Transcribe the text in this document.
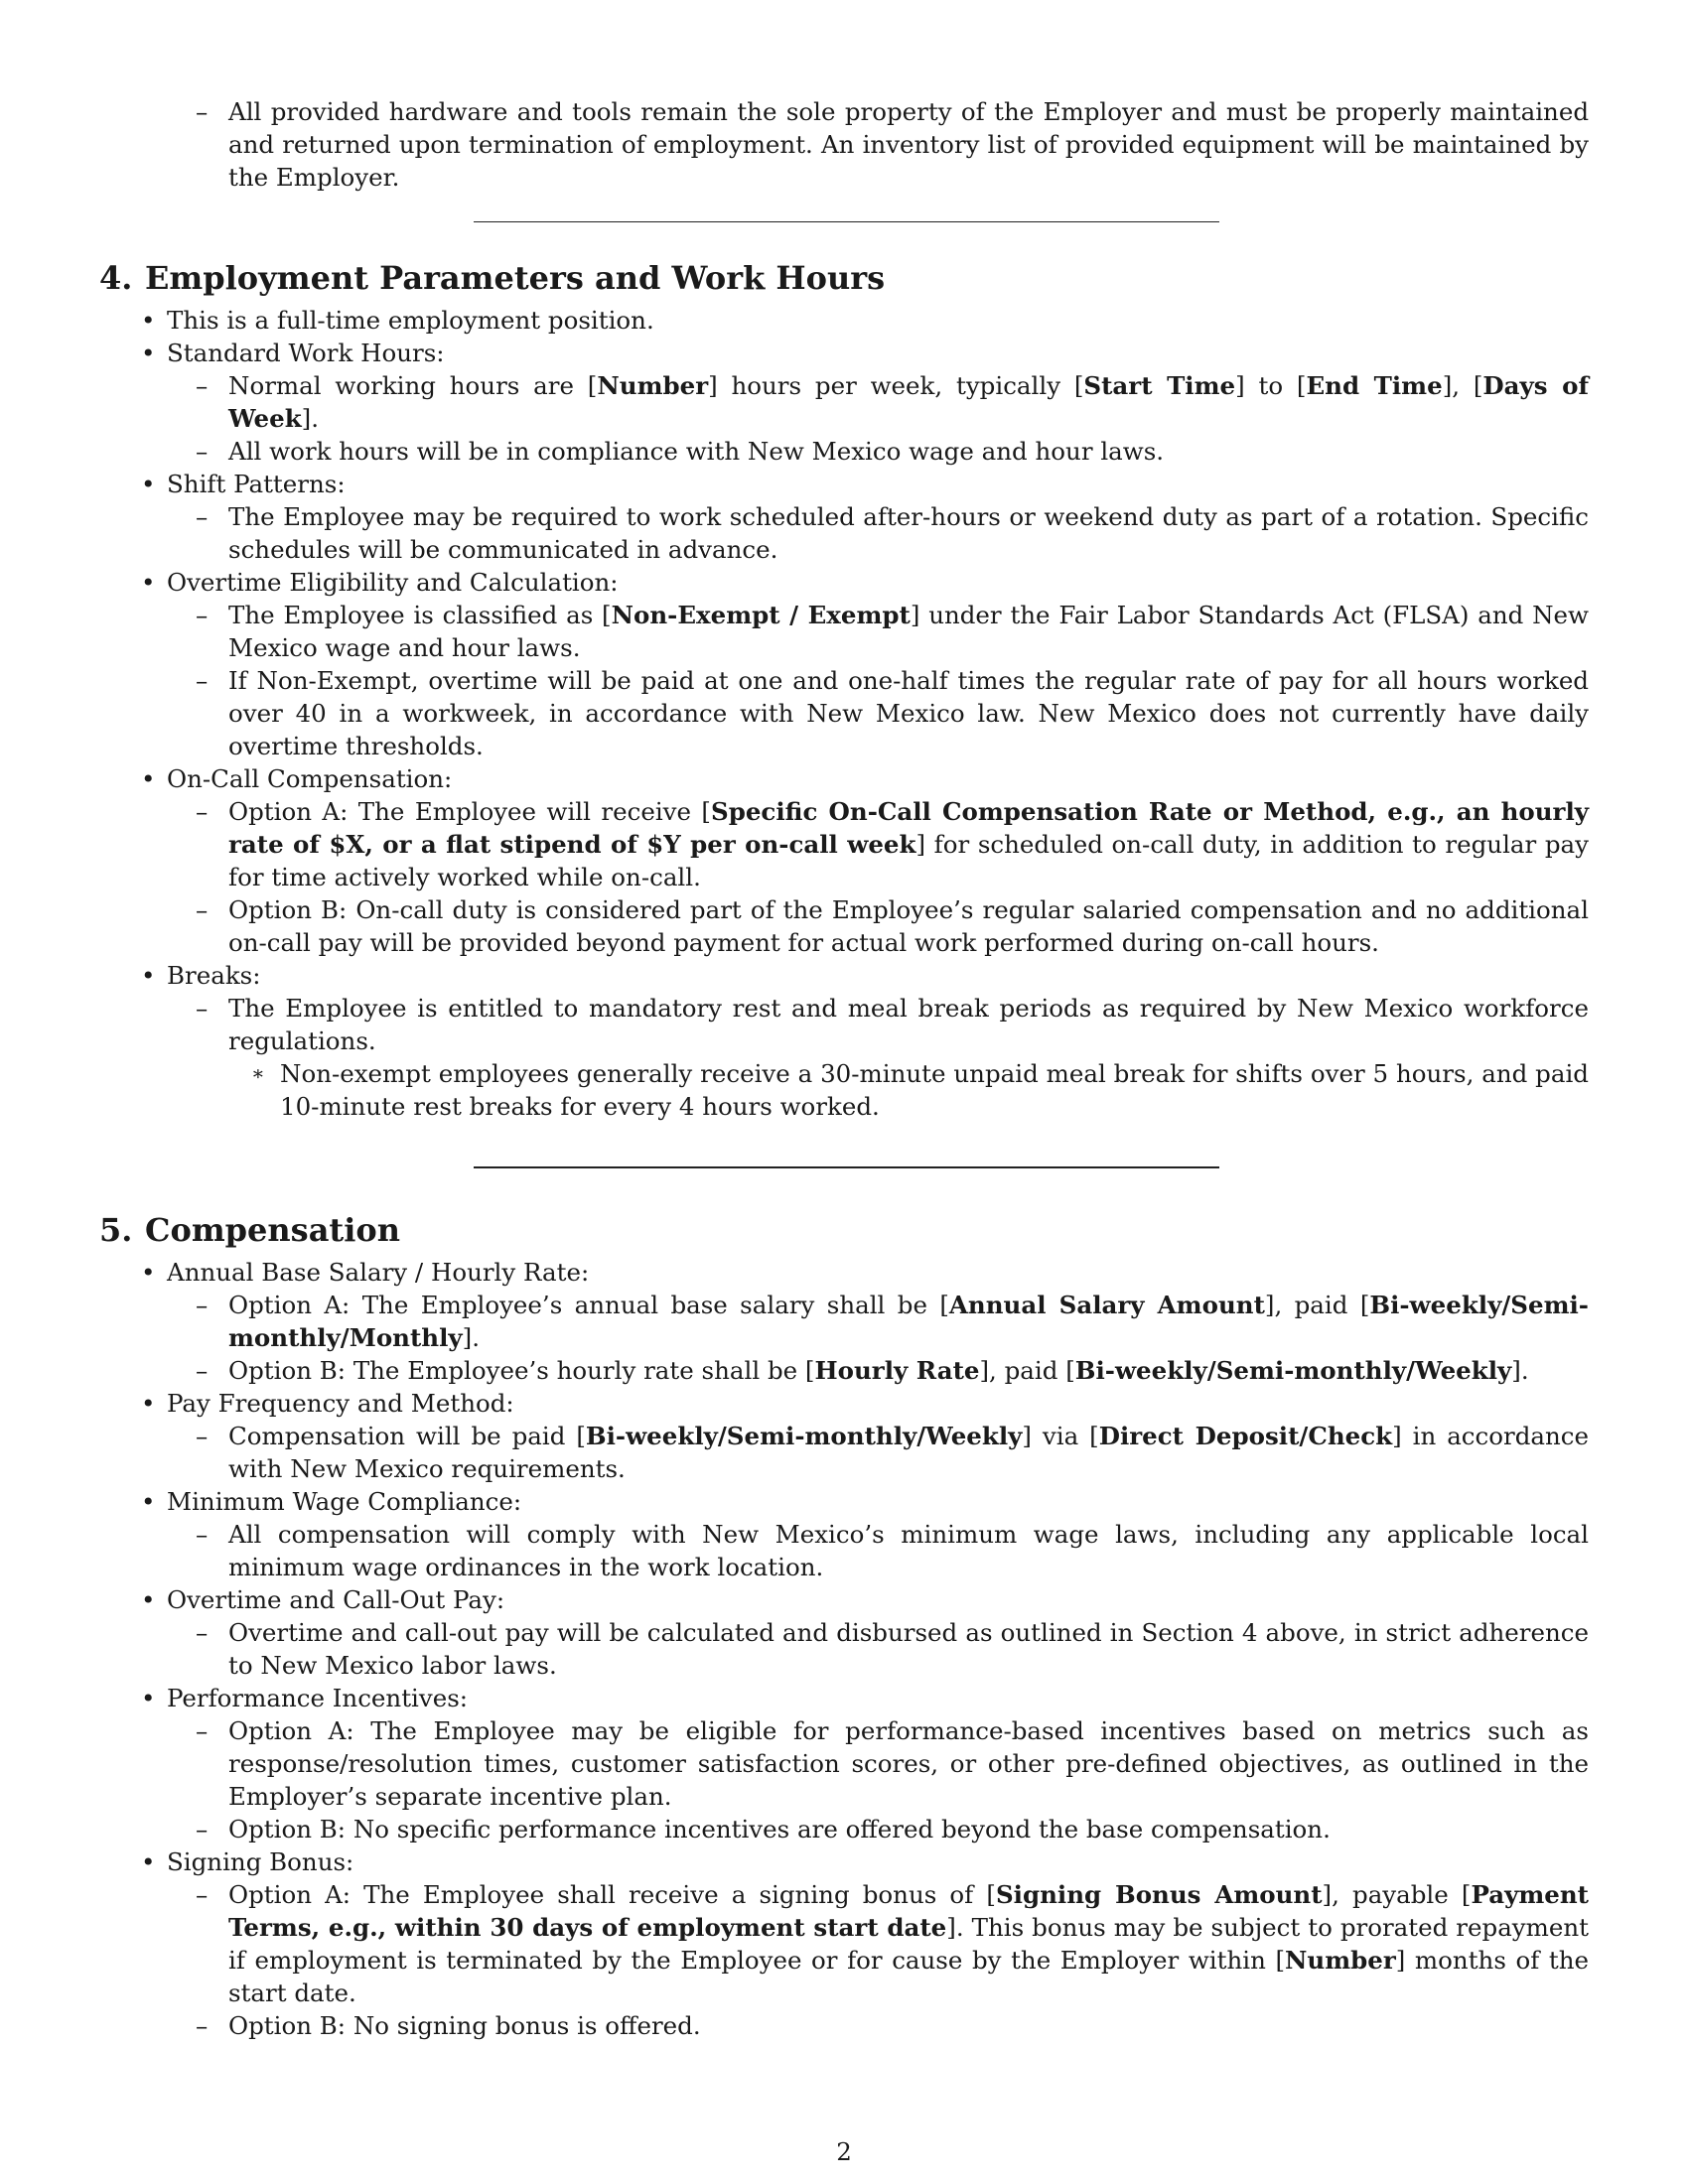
– All provided hardware and tools remain the sole property of the Employer and must be properly maintained and returned upon termination of employment. An inventory list of provided equipment will be maintained by the Employer.
4. Employment Parameters and Work Hours
• This is a full-time employment position.
• Standard Work Hours:
– Normal working hours are [Number] hours per week, typically [Start Time] to [End Time], [Days of Week].
– All work hours will be in compliance with New Mexico wage and hour laws.
• Shift Patterns:
– The Employee may be required to work scheduled after-hours or weekend duty as part of a rotation. Specific schedules will be communicated in advance.
• Overtime Eligibility and Calculation:
– The Employee is classified as [Non-Exempt / Exempt] under the Fair Labor Standards Act (FLSA) and New Mexico wage and hour laws.
– If Non-Exempt, overtime will be paid at one and one-half times the regular rate of pay for all hours worked over 40 in a workweek, in accordance with New Mexico law. New Mexico does not currently have daily overtime thresholds.
• On-Call Compensation:
– Option A: The Employee will receive [Specific On-Call Compensation Rate or Method, e.g., an hourly rate of $X, or a flat stipend of $Y per on-call week] for scheduled on-call duty, in addition to regular pay for time actively worked while on-call.
– Option B: On-call duty is considered part of the Employee’s regular salaried compensation and no additional on-call pay will be provided beyond payment for actual work performed during on-call hours.
• Breaks:
– The Employee is entitled to mandatory rest and meal break periods as required by New Mexico workforce regulations.
∗ Non-exempt employees generally receive a 30-minute unpaid meal break for shifts over 5 hours, and paid 10-minute rest breaks for every 4 hours worked.
5. Compensation
• Annual Base Salary / Hourly Rate:
– Option A: The Employee’s annual base salary shall be [Annual Salary Amount], paid [Bi-weekly/Semi-monthly/Monthly].
– Option B: The Employee’s hourly rate shall be [Hourly Rate], paid [Bi-weekly/Semi-monthly/Weekly].
• Pay Frequency and Method:
– Compensation will be paid [Bi-weekly/Semi-monthly/Weekly] via [Direct Deposit/Check] in accordance with New Mexico requirements.
• Minimum Wage Compliance:
– All compensation will comply with New Mexico’s minimum wage laws, including any applicable local minimum wage ordinances in the work location.
• Overtime and Call-Out Pay:
– Overtime and call-out pay will be calculated and disbursed as outlined in Section 4 above, in strict adherence to New Mexico labor laws.
• Performance Incentives:
– Option A: The Employee may be eligible for performance-based incentives based on metrics such as response/resolution times, customer satisfaction scores, or other pre-defined objectives, as outlined in the Employer’s separate incentive plan.
– Option B: No specific performance incentives are offered beyond the base compensation.
• Signing Bonus:
– Option A: The Employee shall receive a signing bonus of [Signing Bonus Amount], payable [Payment Terms, e.g., within 30 days of employment start date]. This bonus may be subject to prorated repayment if employment is terminated by the Employee or for cause by the Employer within [Number] months of the start date.
– Option B: No signing bonus is offered.
2
